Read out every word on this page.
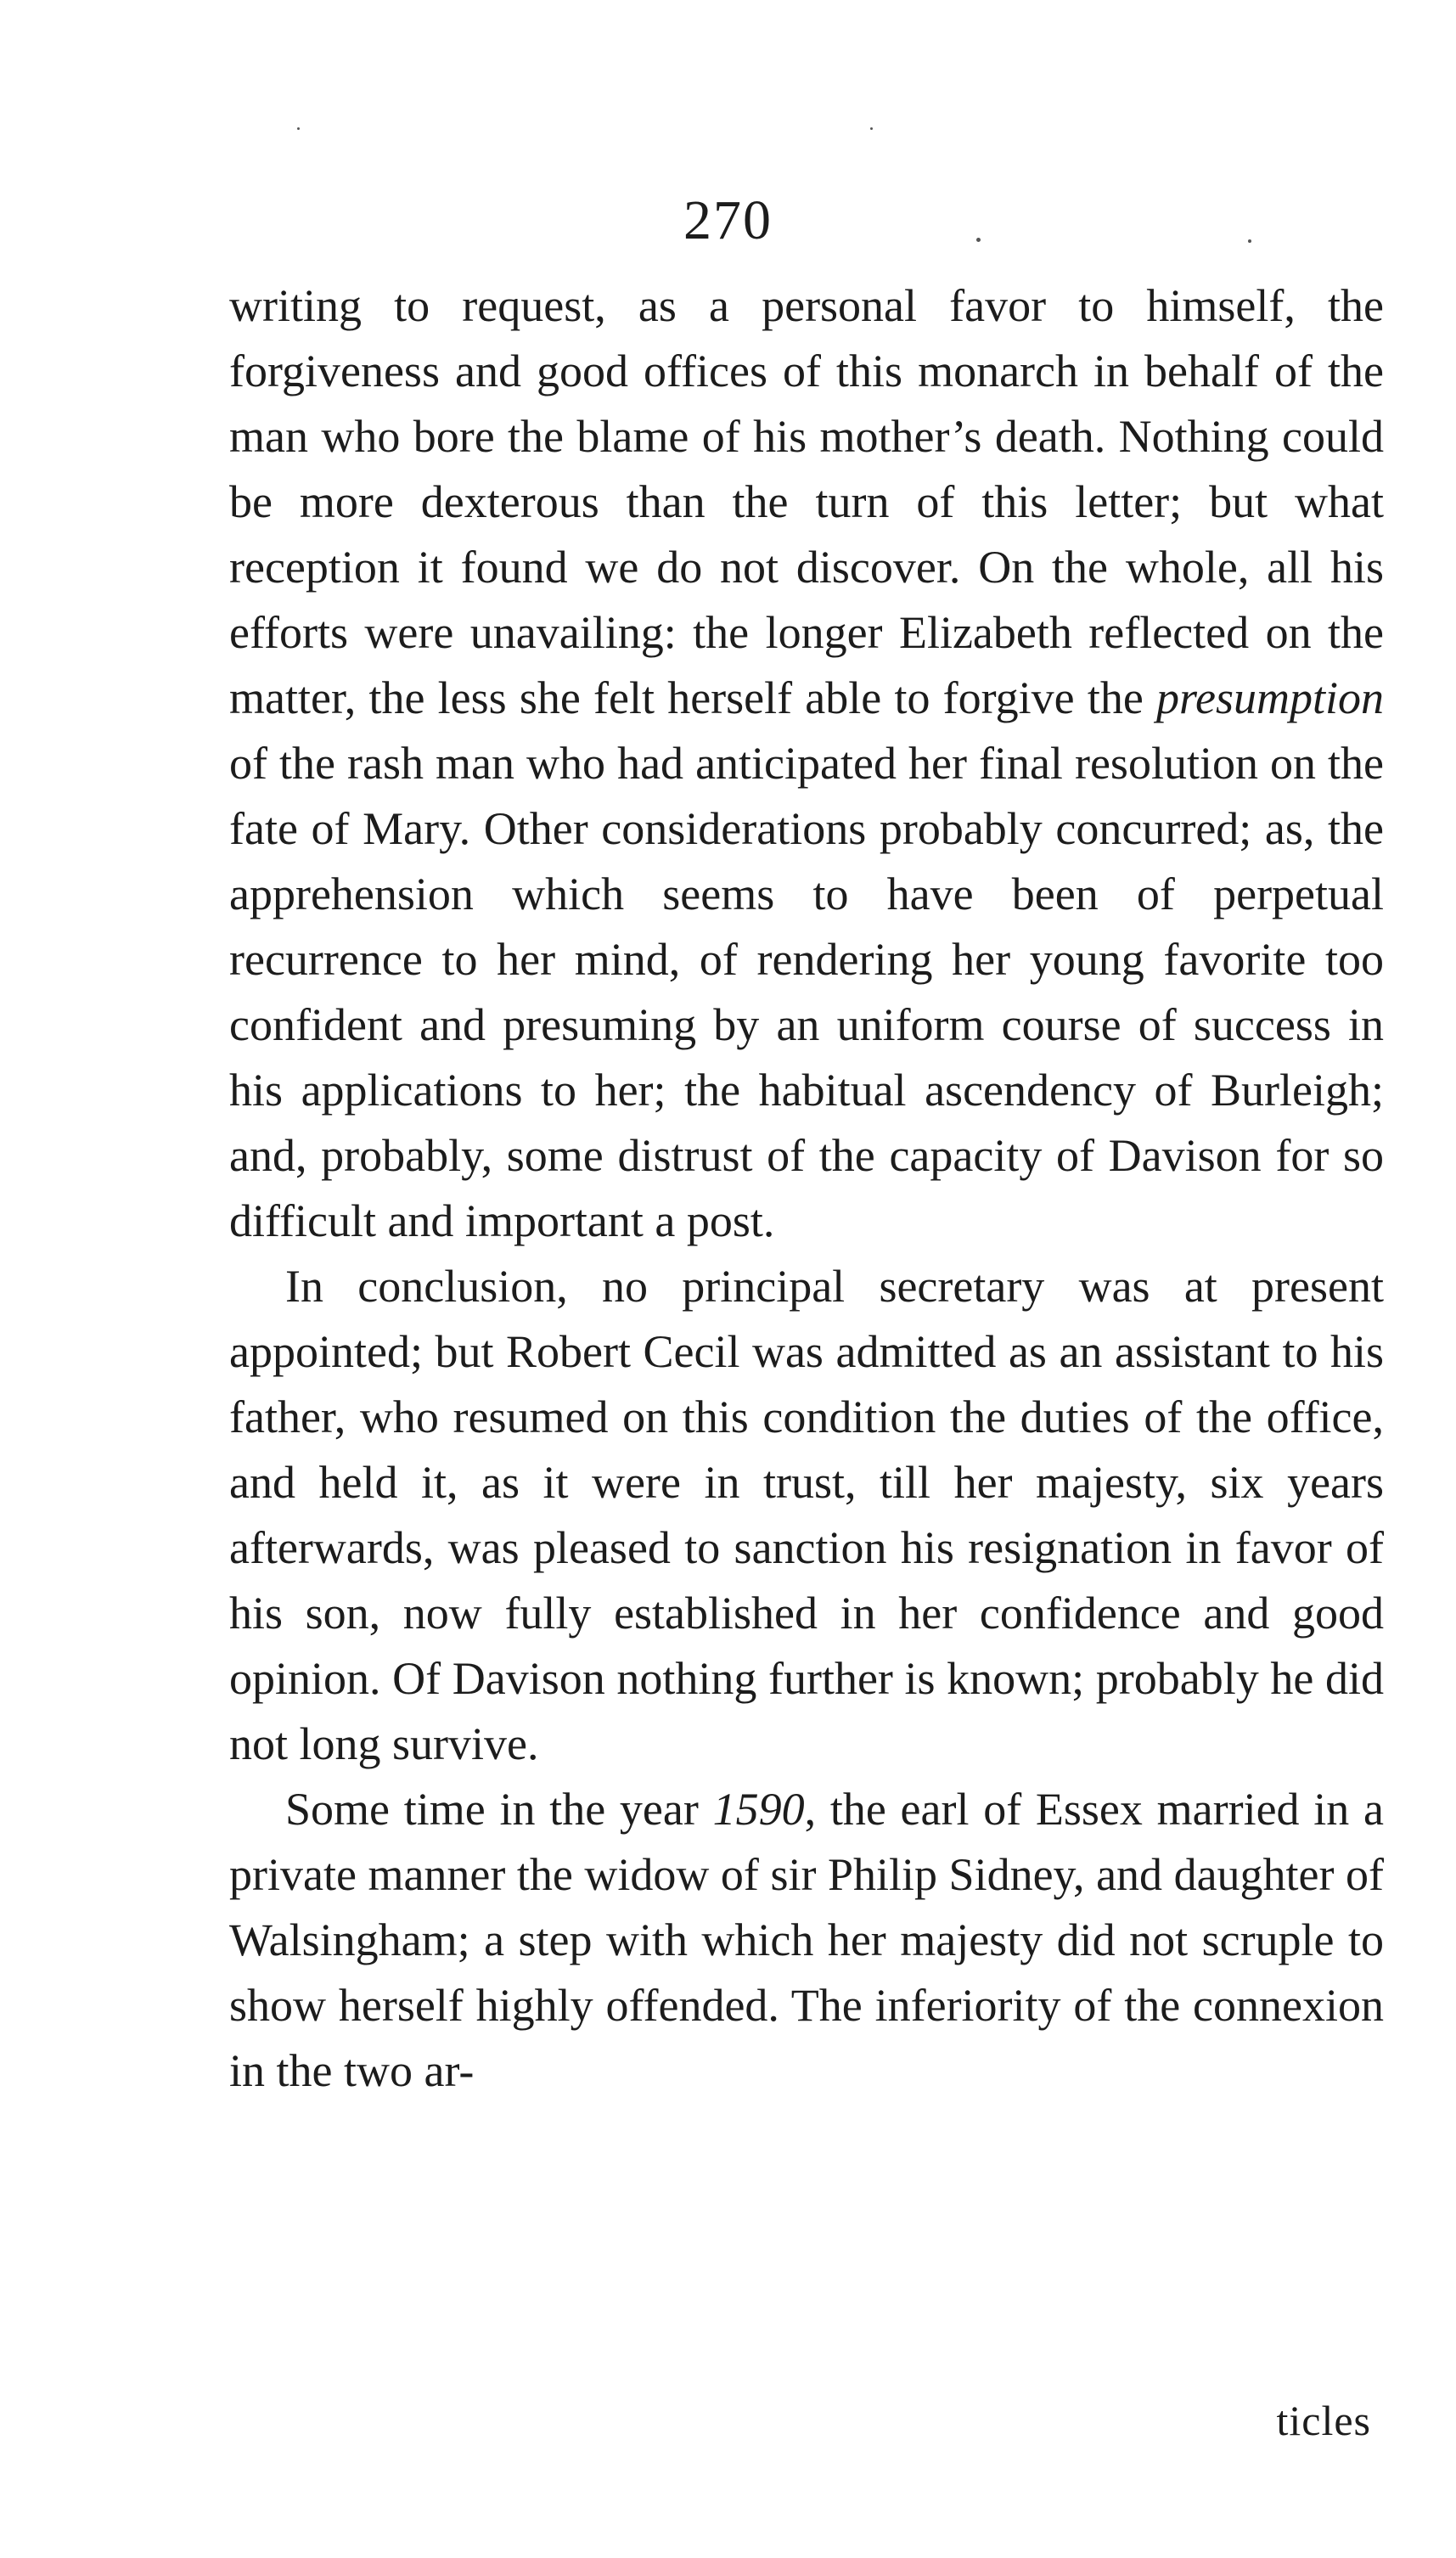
270

writing to request, as a personal favor to himself, the forgiveness and good offices of this monarch in behalf of the man who bore the blame of his mother’s death. Nothing could be more dexterous than the turn of this letter; but what reception it found we do not discover. On the whole, all his efforts were unavailing: the longer Elizabeth reflected on the matter, the less she felt herself able to forgive the presumption of the rash man who had anticipated her final resolution on the fate of Mary. Other considerations probably concurred; as, the apprehension which seems to have been of perpetual recurrence to her mind, of rendering her young favorite too confident and presuming by an uniform course of success in his applications to her; the habitual ascendency of Burleigh; and, probably, some distrust of the capacity of Davison for so difficult and important a post.

In conclusion, no principal secretary was at present appointed; but Robert Cecil was admitted as an assistant to his father, who resumed on this condition the duties of the office, and held it, as it were in trust, till her majesty, six years afterwards, was pleased to sanction his resignation in favor of his son, now fully established in her confidence and good opinion. Of Davison nothing further is known; probably he did not long survive.

Some time in the year 1590, the earl of Essex married in a private manner the widow of sir Philip Sidney, and daughter of Walsingham; a step with which her majesty did not scruple to show herself highly offended. The inferiority of the connexion in the two ar-

ticles
